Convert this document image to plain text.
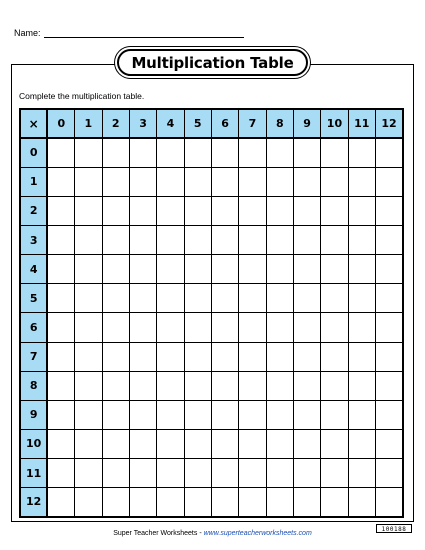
Name:
Multiplication Table
Complete the multiplication table.
×	0	1	2	3	4	5	6	7	8	9	10	11	12
0													
1													
2													
3													
4													
5													
6													
7													
8													
9													
10													
11													
12													
Super Teacher Worksheets - www.superteacherworksheets.com
100188
